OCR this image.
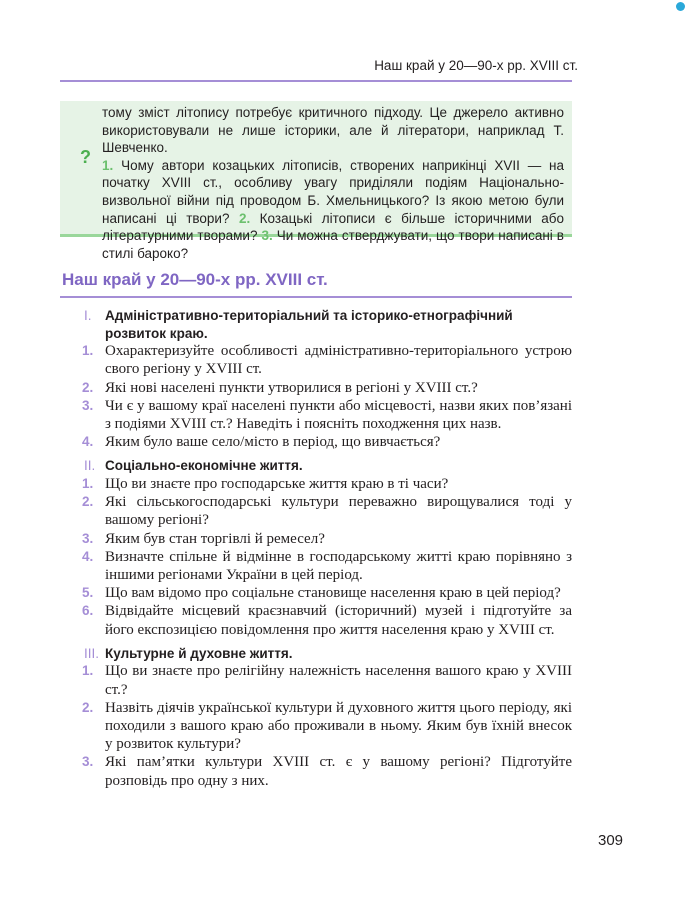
Наш край у 20—90-х рр. XVIII ст.
?
тому зміст літопису потребує критичного підходу. Це джерело активно використовували не лише історики, але й літератори, наприклад Т. Шевченко.
1. Чому автори козацьких літописів, створених наприкінці XVII — на початку XVIII ст., особливу увагу приділяли подіям Національно-визвольної війни під проводом Б. Хмельницького? Із якою метою були написані ці твори? 2. Козацькі літописи є більше історичними або літературними творами? 3. Чи можна стверджувати, що твори написані в стилі бароко?
Наш край у 20—90-х рр. XVIII ст.
I. Адміністративно-територіальний та історико-етнографічний розвиток краю.
1. Охарактеризуйте особливості адміністративно-територіального устрою свого регіону у XVIII ст.
2. Які нові населені пункти утворилися в регіоні у XVIII ст.?
3. Чи є у вашому краї населені пункти або місцевості, назви яких пов’язані з подіями XVIII ст.? Наведіть і поясніть походження цих назв.
4. Яким було ваше село/місто в період, що вивчається?
II. Соціально-економічне життя.
1. Що ви знаєте про господарське життя краю в ті часи?
2. Які сільськогосподарські культури переважно вирощувалися тоді у вашому регіоні?
3. Яким був стан торгівлі й ремесел?
4. Визначте спільне й відмінне в господарському житті краю порівняно з іншими регіонами України в цей період.
5. Що вам відомо про соціальне становище населення краю в цей період?
6. Відвідайте місцевий краєзнавчий (історичний) музей і підготуйте за його експозицією повідомлення про життя населення краю у XVIII ст.
III. Культурне й духовне життя.
1. Що ви знаєте про релігійну належність населення вашого краю у XVIII ст.?
2. Назвіть діячів української культури й духовного життя цього періоду, які походили з вашого краю або проживали в ньому. Яким був їхній внесок у розвиток культури?
3. Які пам’ятки культури XVIII ст. є у вашому регіоні? Підготуйте розповідь про одну з них.
309
